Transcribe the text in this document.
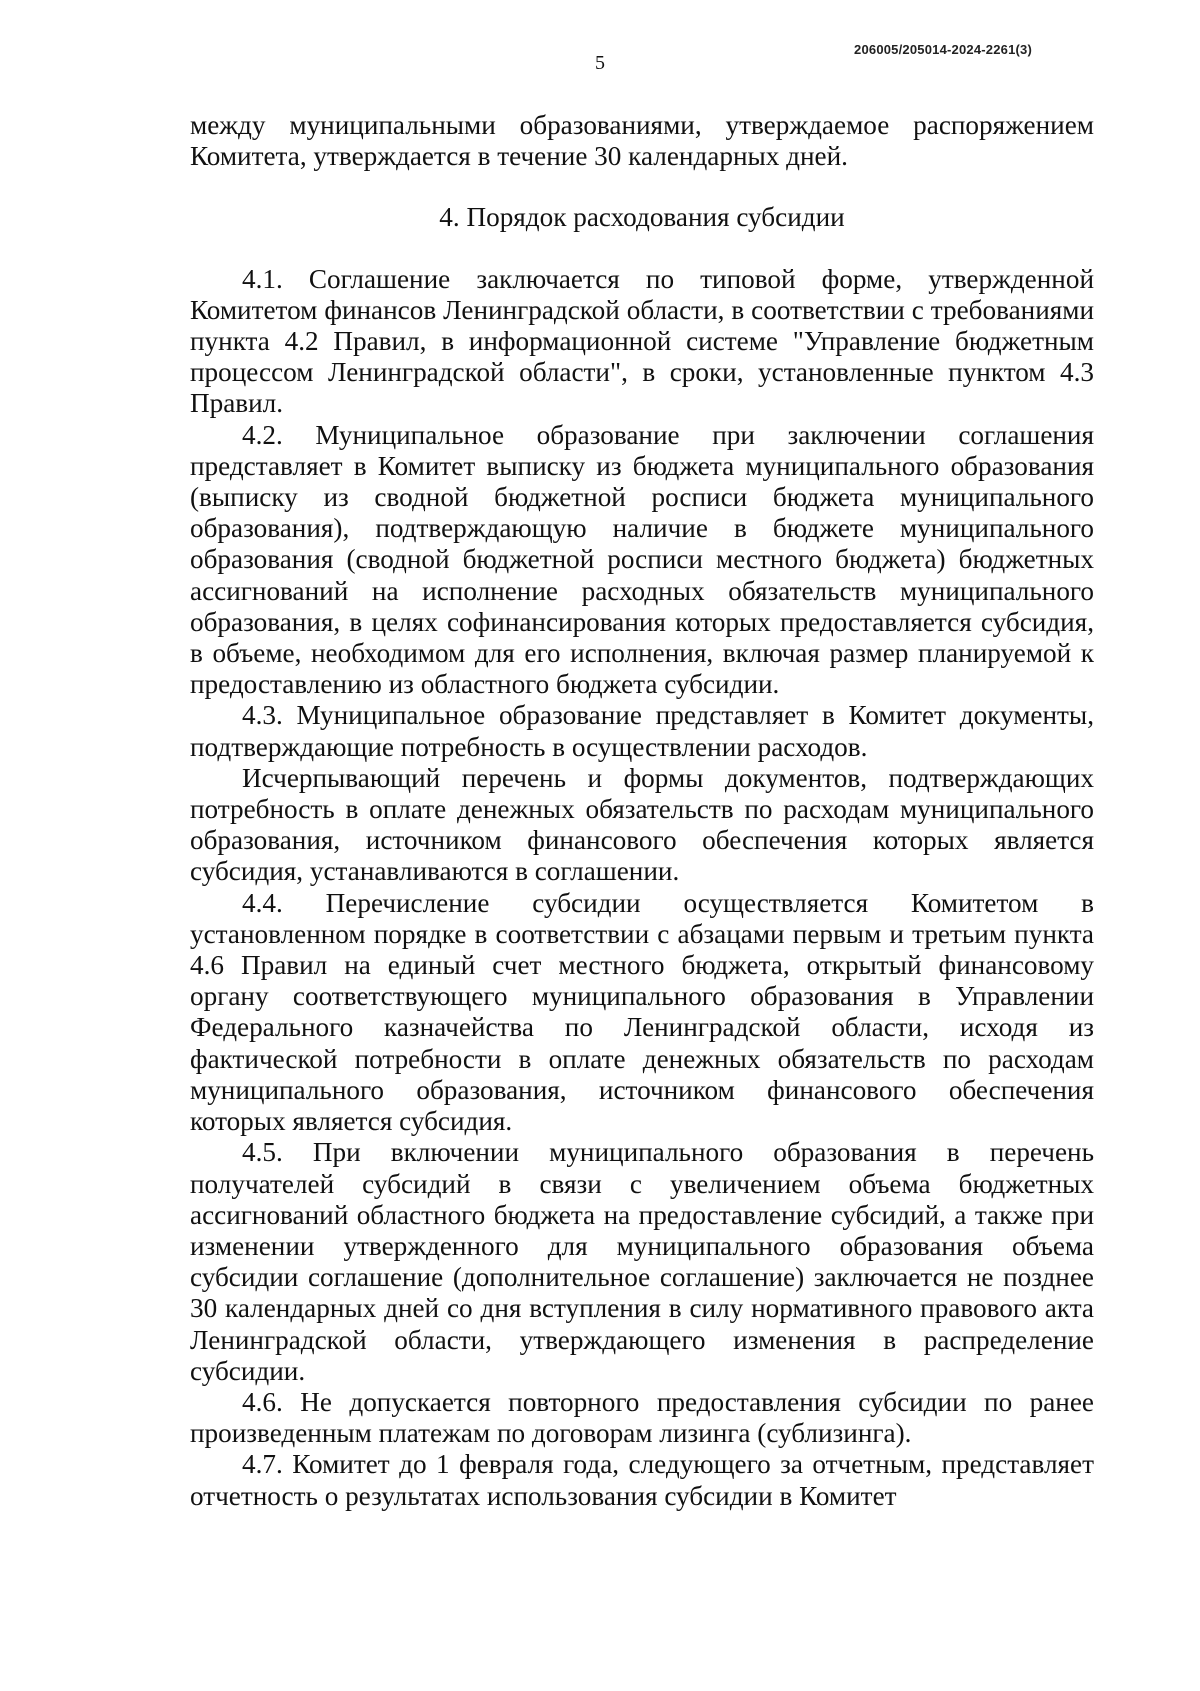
206005/205014-2024-2261(3)
5

между муниципальными образованиями, утверждаемое распоряжением Комитета, утверждается в течение 30 календарных дней.

4. Порядок расходования субсидии

4.1. Соглашение заключается по типовой форме, утвержденной Комитетом финансов Ленинградской области, в соответствии с требованиями пункта 4.2 Правил, в информационной системе "Управление бюджетным процессом Ленинградской области", в сроки, установленные пунктом 4.3 Правил.

4.2. Муниципальное образование при заключении соглашения представляет в Комитет выписку из бюджета муниципального образования (выписку из сводной бюджетной росписи бюджета муниципального образования), подтверждающую наличие в бюджете муниципального образования (сводной бюджетной росписи местного бюджета) бюджетных ассигнований на исполнение расходных обязательств муниципального образования, в целях софинансирования которых предоставляется субсидия, в объеме, необходимом для его исполнения, включая размер планируемой к предоставлению из областного бюджета субсидии.

4.3. Муниципальное образование представляет в Комитет документы, подтверждающие потребность в осуществлении расходов.

Исчерпывающий перечень и формы документов, подтверждающих потребность в оплате денежных обязательств по расходам муниципального образования, источником финансового обеспечения которых является субсидия, устанавливаются в соглашении.

4.4. Перечисление субсидии осуществляется Комитетом в установленном порядке в соответствии с абзацами первым и третьим пункта 4.6 Правил на единый счет местного бюджета, открытый финансовому органу соответствующего муниципального образования в Управлении Федерального казначейства по Ленинградской области, исходя из фактической потребности в оплате денежных обязательств по расходам муниципального образования, источником финансового обеспечения которых является субсидия.

4.5. При включении муниципального образования в перечень получателей субсидий в связи с увеличением объема бюджетных ассигнований областного бюджета на предоставление субсидий, а также при изменении утвержденного для муниципального образования объема субсидии соглашение (дополнительное соглашение) заключается не позднее 30 календарных дней со дня вступления в силу нормативного правового акта Ленинградской области, утверждающего изменения в распределение субсидии.

4.6. Не допускается повторного предоставления субсидии по ранее произведенным платежам по договорам лизинга (сублизинга).

4.7. Комитет до 1 февраля года, следующего за отчетным, представляет отчетность о результатах использования субсидии в Комитет
